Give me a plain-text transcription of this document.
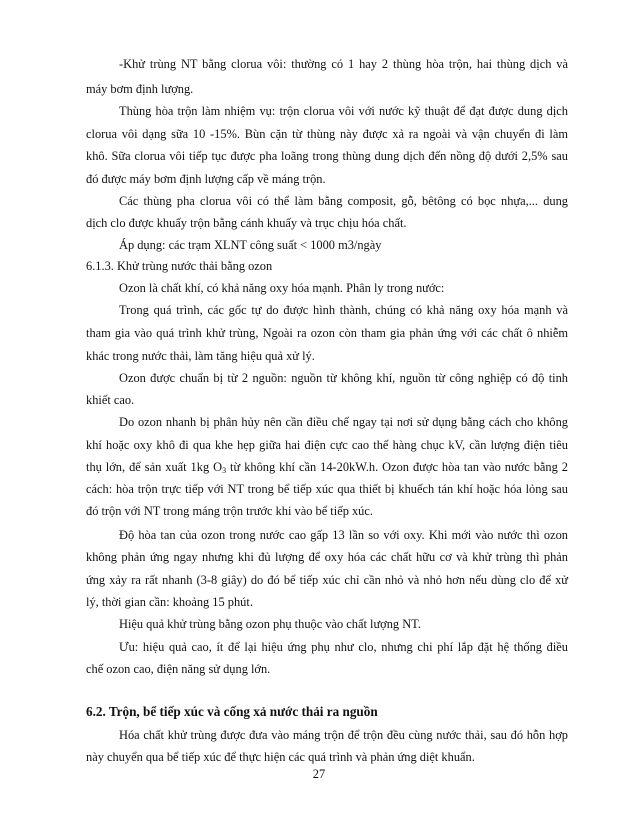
-Khử trùng NT bằng clorua vôi: thường có 1 hay 2 thùng hòa trộn, hai thùng dịch và
máy bơm định lượng.
Thùng hòa trộn làm nhiệm vụ: trộn clorua vôi với nước kỹ thuật để đạt được dung dịch
clorua vôi dạng sữa 10 -15%. Bùn cặn từ thùng này được xả ra ngoài và vận chuyển đi làm
khô. Sữa clorua vôi tiếp tục được pha loãng trong thùng dung dịch đến nồng độ dưới 2,5% sau
đó được máy bơm định lượng cấp về máng trộn.
Các thùng pha clorua vôi có thể làm bằng composit, gỗ, bêtông có bọc nhựa,... dung
dịch clo được khuấy trộn bằng cánh khuấy và trục chịu hóa chất.
Áp dụng: các trạm XLNT công suất < 1000 m3/ngày
6.1.3. Khử trùng nước thải bằng ozon
Ozon là chất khí, có khả năng oxy hóa mạnh. Phân ly trong nước:
Trong quá trình, các gốc tự do được hình thành, chúng có khả năng oxy hóa mạnh và
tham gia vào quá trình khử trùng, Ngoài ra ozon còn tham gia phản ứng với các chất ô nhiễm
khác trong nước thải, làm tăng hiệu quả xử lý.
Ozon được chuẩn bị từ 2 nguồn: nguồn từ không khí, nguồn từ công nghiệp có độ tinh
khiết cao.
Do ozon nhanh bị phân hủy nên cần điều chế ngay tại nơi sử dụng bằng cách cho không
khí hoặc oxy khô đi qua khe hẹp giữa hai điện cực cao thế hàng chục kV, cần lượng điện tiêu
thụ lớn, để sản xuất 1kg $O_3$ từ không khí cần 14-20kW.h. Ozon được hòa tan vào nước bằng 2
cách: hòa trộn trực tiếp với NT trong bể tiếp xúc qua thiết bị khuếch tán khí hoặc hóa lỏng sau
đó trộn với NT trong máng trộn trước khi vào bể tiếp xúc.
Độ hòa tan của ozon trong nước cao gấp 13 lần so với oxy. Khi mới vào nước thì ozon
không phản ứng ngay nhưng khi đủ lượng để oxy hóa các chất hữu cơ và khử trùng thì phản
ứng xảy ra rất nhanh (3-8 giây) do đó bể tiếp xúc chỉ cần nhỏ và nhỏ hơn nếu dùng clo để xử
lý, thời gian cần: khoảng 15 phút.
Hiệu quả khử trùng bằng ozon phụ thuộc vào chất lượng NT.
Ưu: hiệu quả cao, ít để lại hiệu ứng phụ như clo, nhưng chi phí lắp đặt hệ thống điều
chế ozon cao, điện năng sử dụng lớn.
6.2. Trộn, bể tiếp xúc và cống xả nước thải ra nguồn
Hóa chất khử trùng được đưa vào máng trộn để trộn đều cùng nước thải, sau đó hỗn hợp
này chuyển qua bể tiếp xúc để thực hiện các quá trình và phản ứng diệt khuẩn.
27
